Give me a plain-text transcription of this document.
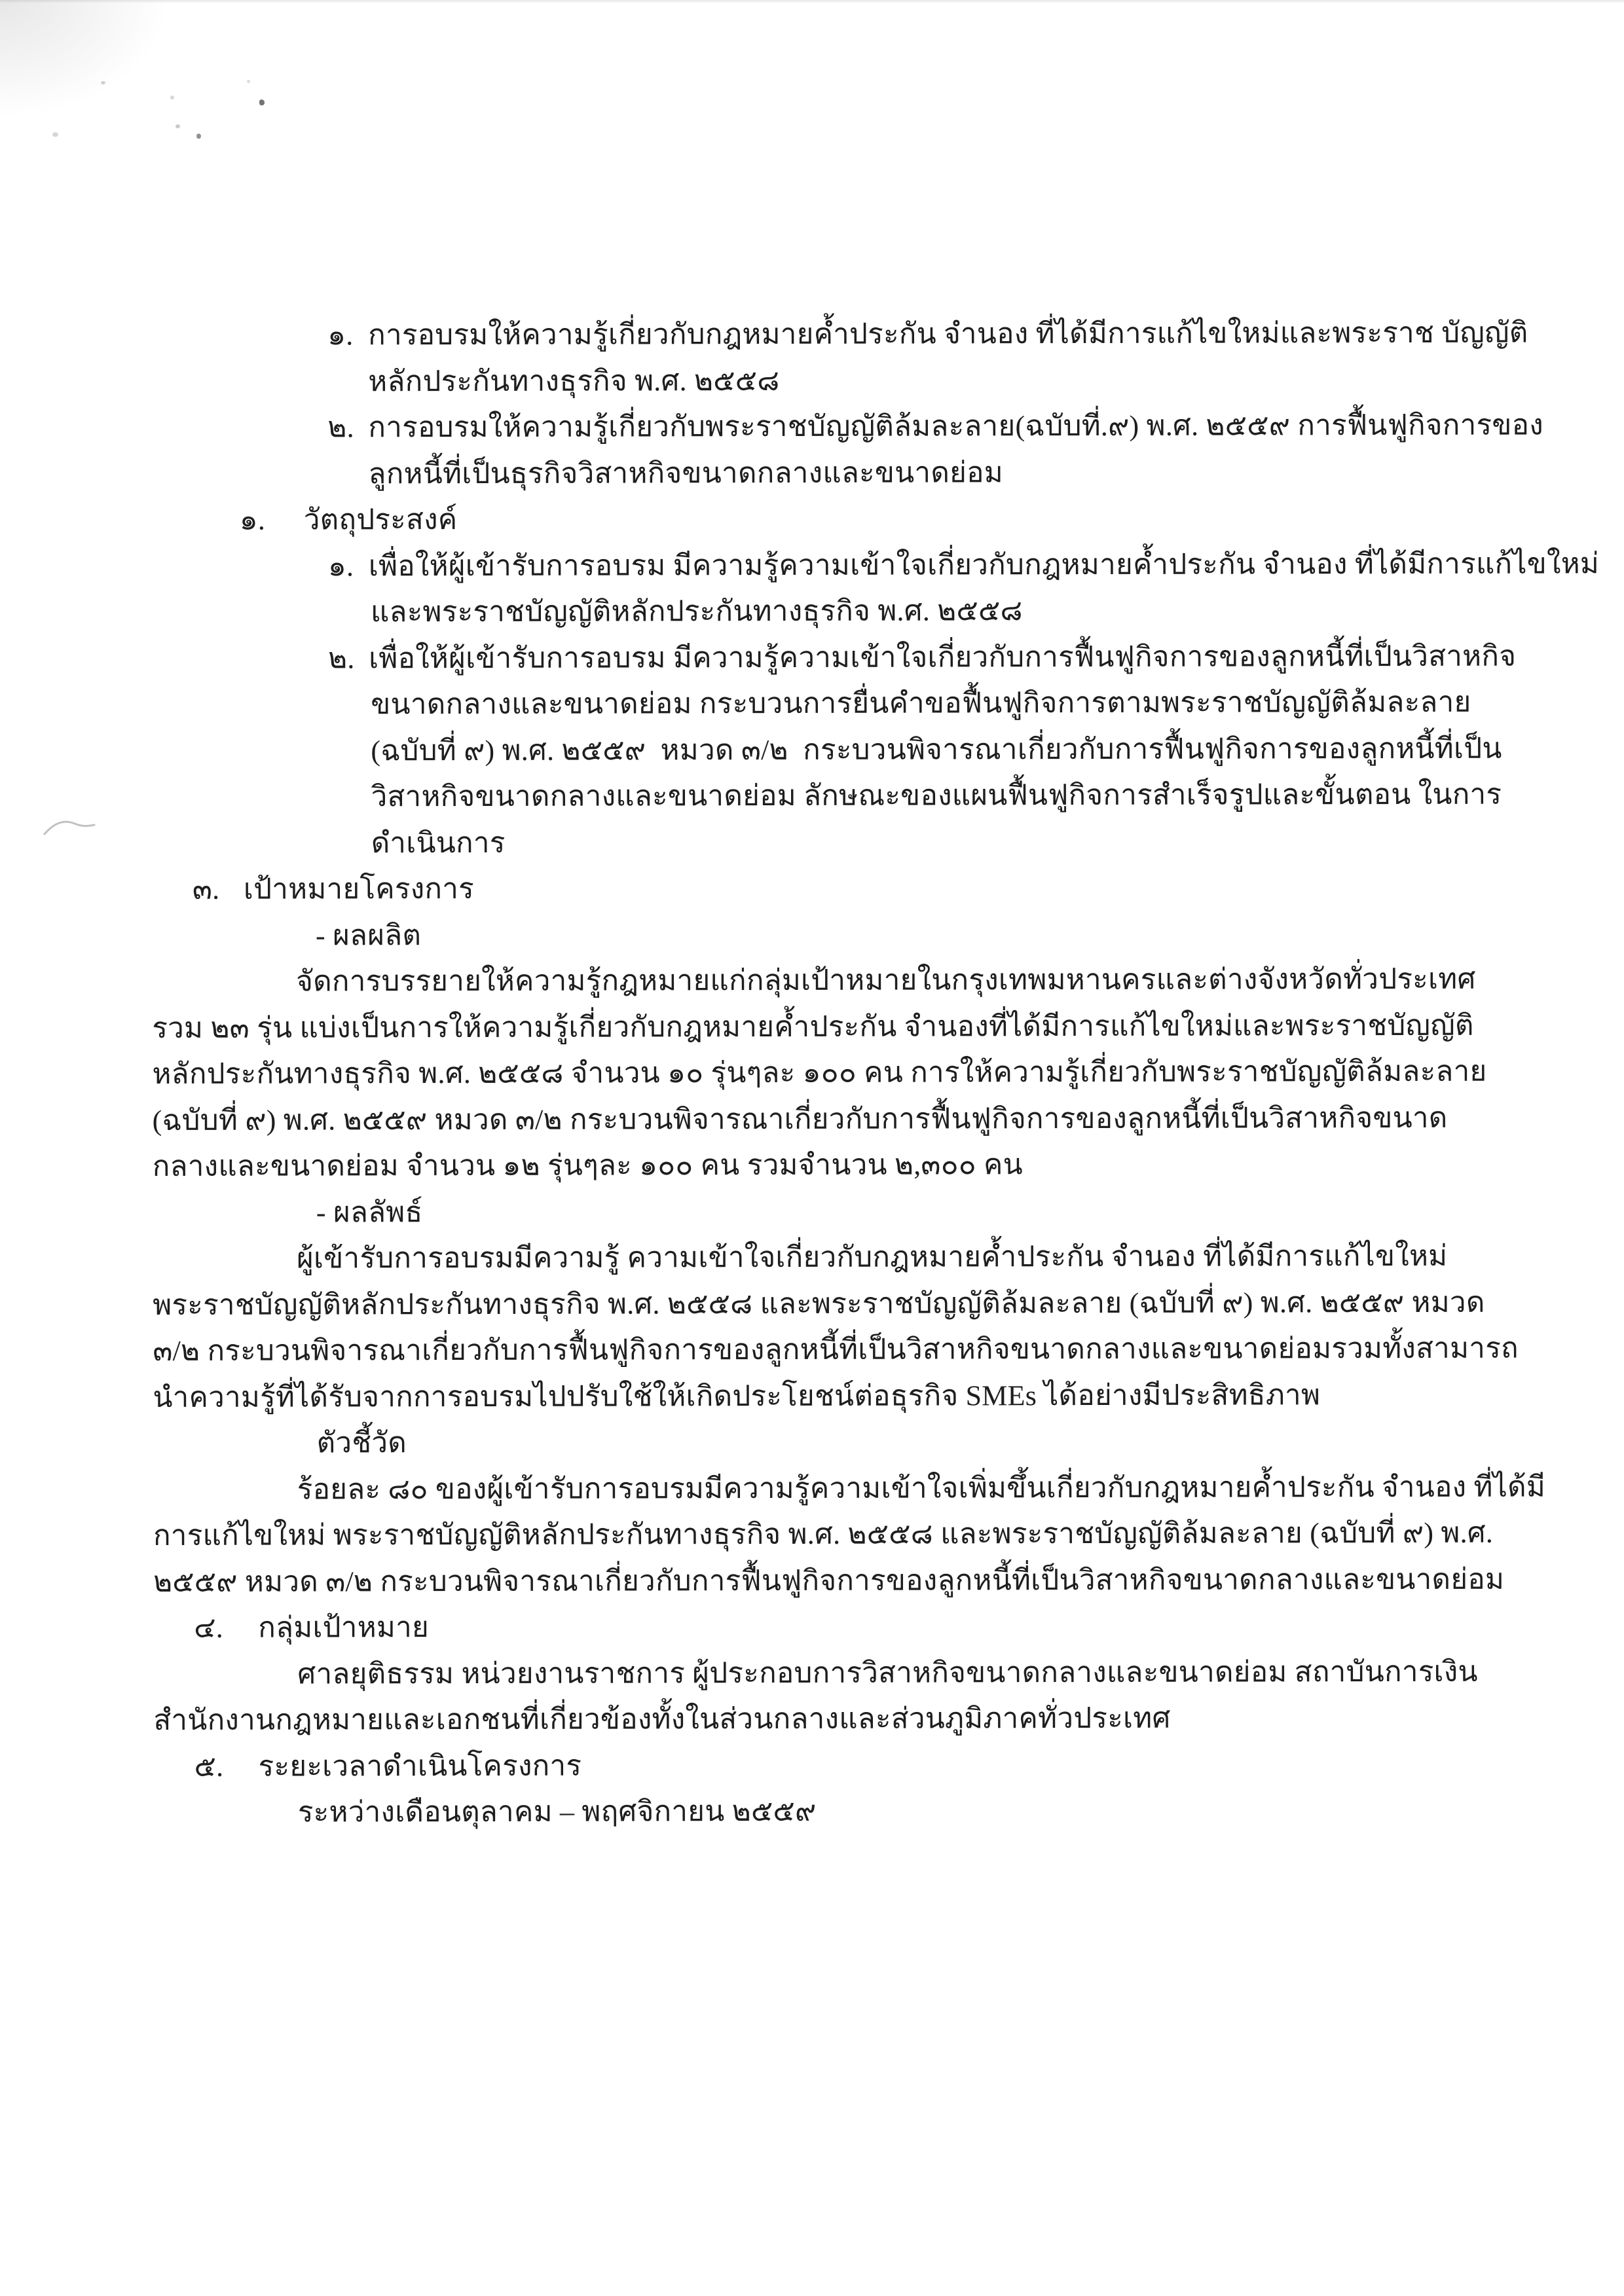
๑. การอบรมให้ความรู้เกี่ยวกับกฎหมายค้ำประกัน จำนอง ที่ได้มีการแก้ไขใหม่และพระราช บัญญัติ
หลักประกันทางธุรกิจ พ.ศ. ๒๕๕๘
๒. การอบรมให้ความรู้เกี่ยวกับพระราชบัญญัติล้มละลาย(ฉบับที่.๙) พ.ศ. ๒๕๕๙ การฟื้นฟูกิจการของ
ลูกหนี้ที่เป็นธุรกิจวิสาหกิจขนาดกลางและขนาดย่อม
๑. วัตถุประสงค์
๑. เพื่อให้ผู้เข้ารับการอบรม มีความรู้ความเข้าใจเกี่ยวกับกฎหมายค้ำประกัน จำนอง ที่ได้มีการแก้ไขใหม่
และพระราชบัญญัติหลักประกันทางธุรกิจ พ.ศ. ๒๕๕๘
๒. เพื่อให้ผู้เข้ารับการอบรม มีความรู้ความเข้าใจเกี่ยวกับการฟื้นฟูกิจการของลูกหนี้ที่เป็นวิสาหกิจ
ขนาดกลางและขนาดย่อม กระบวนการยื่นคำขอฟื้นฟูกิจการตามพระราชบัญญัติล้มละลาย
(ฉบับที่ ๙) พ.ศ. ๒๕๕๙  หมวด ๓/๒  กระบวนพิจารณาเกี่ยวกับการฟื้นฟูกิจการของลูกหนี้ที่เป็น
วิสาหกิจขนาดกลางและขนาดย่อม ลักษณะของแผนฟื้นฟูกิจการสำเร็จรูปและขั้นตอน ในการ
ดำเนินการ
๓. เป้าหมายโครงการ
- ผลผลิต
จัดการบรรยายให้ความรู้กฎหมายแก่กลุ่มเป้าหมายในกรุงเทพมหานครและต่างจังหวัดทั่วประเทศ
รวม ๒๓ รุ่น แบ่งเป็นการให้ความรู้เกี่ยวกับกฎหมายค้ำประกัน จำนองที่ได้มีการแก้ไขใหม่และพระราชบัญญัติ
หลักประกันทางธุรกิจ พ.ศ. ๒๕๕๘ จำนวน ๑๐ รุ่นๆละ ๑๐๐ คน การให้ความรู้เกี่ยวกับพระราชบัญญัติล้มละลาย
(ฉบับที่ ๙) พ.ศ. ๒๕๕๙ หมวด ๓/๒ กระบวนพิจารณาเกี่ยวกับการฟื้นฟูกิจการของลูกหนี้ที่เป็นวิสาหกิจขนาด
กลางและขนาดย่อม จำนวน ๑๒ รุ่นๆละ ๑๐๐ คน รวมจำนวน ๒,๓๐๐ คน
- ผลลัพธ์
ผู้เข้ารับการอบรมมีความรู้ ความเข้าใจเกี่ยวกับกฎหมายค้ำประกัน จำนอง ที่ได้มีการแก้ไขใหม่
พระราชบัญญัติหลักประกันทางธุรกิจ พ.ศ. ๒๕๕๘ และพระราชบัญญัติล้มละลาย (ฉบับที่ ๙) พ.ศ. ๒๕๕๙ หมวด
๓/๒ กระบวนพิจารณาเกี่ยวกับการฟื้นฟูกิจการของลูกหนี้ที่เป็นวิสาหกิจขนาดกลางและขนาดย่อมรวมทั้งสามารถ
นำความรู้ที่ได้รับจากการอบรมไปปรับใช้ให้เกิดประโยชน์ต่อธุรกิจ SMEs ได้อย่างมีประสิทธิภาพ
ตัวชี้วัด
ร้อยละ ๘๐ ของผู้เข้ารับการอบรมมีความรู้ความเข้าใจเพิ่มขึ้นเกี่ยวกับกฎหมายค้ำประกัน จำนอง ที่ได้มี
การแก้ไขใหม่ พระราชบัญญัติหลักประกันทางธุรกิจ พ.ศ. ๒๕๕๘ และพระราชบัญญัติล้มละลาย (ฉบับที่ ๙) พ.ศ.
๒๕๕๙ หมวด ๓/๒ กระบวนพิจารณาเกี่ยวกับการฟื้นฟูกิจการของลูกหนี้ที่เป็นวิสาหกิจขนาดกลางและขนาดย่อม
๔. กลุ่มเป้าหมาย
ศาลยุติธรรม หน่วยงานราชการ ผู้ประกอบการวิสาหกิจขนาดกลางและขนาดย่อม สถาบันการเงิน
สำนักงานกฎหมายและเอกชนที่เกี่ยวข้องทั้งในส่วนกลางและส่วนภูมิภาคทั่วประเทศ
๕. ระยะเวลาดำเนินโครงการ
ระหว่างเดือนตุลาคม – พฤศจิกายน ๒๕๕๙
